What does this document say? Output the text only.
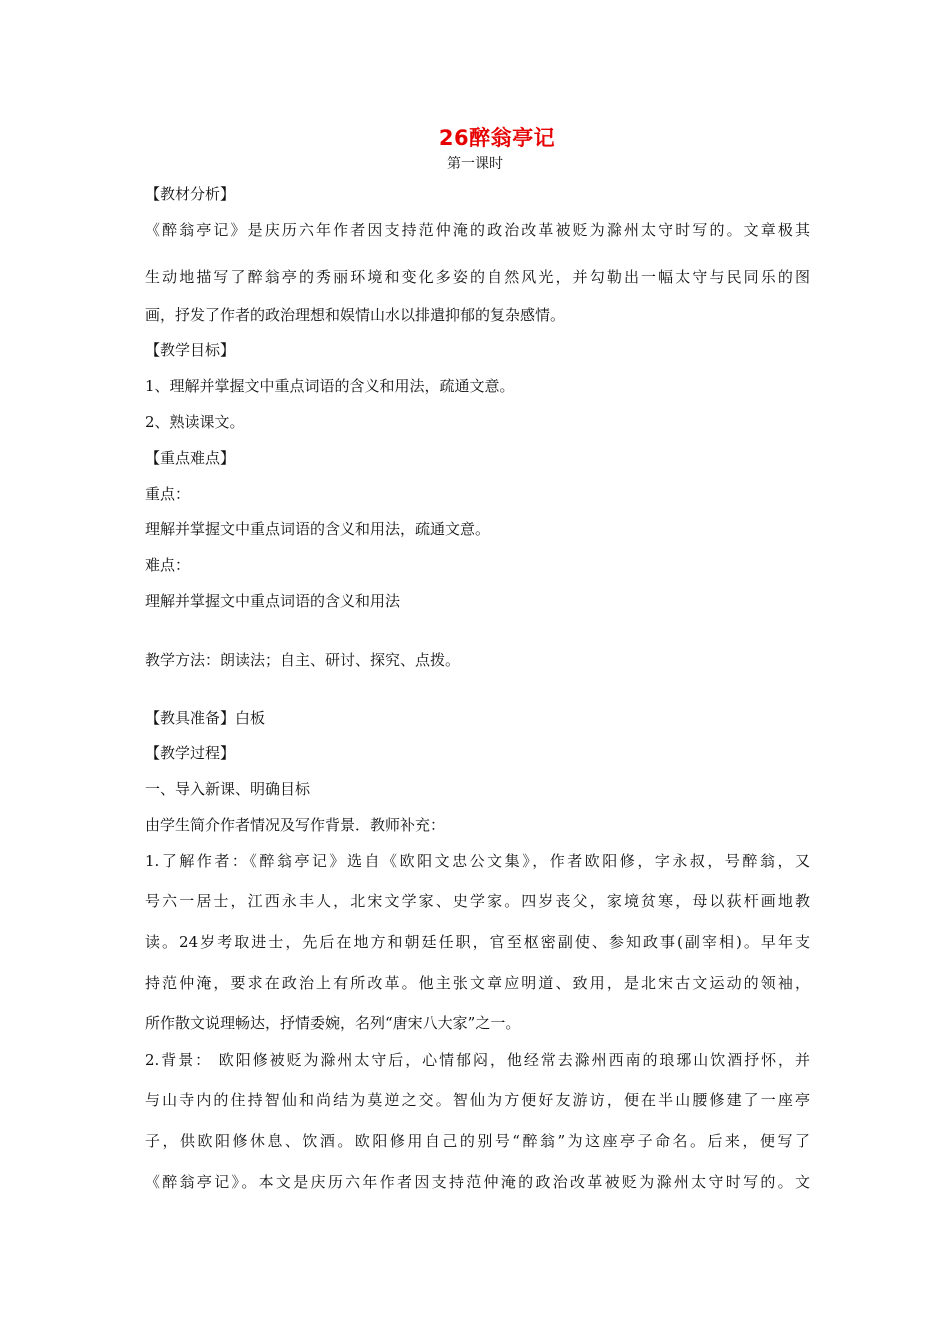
26醉翁亭记
第一课时
【教材分析】
《醉翁亭记》是庆历六年作者因支持范仲淹的政治改革被贬为滁州太守时写的。文章极其
生动地描写了醉翁亭的秀丽环境和变化多姿的自然风光，并勾勒出一幅太守与民同乐的图
画，抒发了作者的政治理想和娱情山水以排遣抑郁的复杂感情。
【教学目标】
1、理解并掌握文中重点词语的含义和用法，疏通文意。
2、熟读课文。
【重点难点】
重点：
理解并掌握文中重点词语的含义和用法，疏通文意。
难点：
理解并掌握文中重点词语的含义和用法
教学方法：朗读法；自主、研讨、探究、点拨。
【教具准备】白板
【教学过程】
一、导入新课、明确目标
由学生简介作者情况及写作背景．教师补充：
1.了解作者：《醉翁亭记》选自《欧阳文忠公文集》，作者欧阳修，字永叔，号醉翁，又
号六一居士，江西永丰人，北宋文学家、史学家。四岁丧父，家境贫寒，母以荻杆画地教
读。24岁考取进士，先后在地方和朝廷任职，官至枢密副使、参知政事(副宰相)。早年支
持范仲淹，要求在政治上有所改革。他主张文章应明道、致用，是北宋古文运动的领袖，
所作散文说理畅达，抒情委婉，名列“唐宋八大家”之一。
2.背景： 欧阳修被贬为滁州太守后，心情郁闷，他经常去滁州西南的琅琊山饮酒抒怀，并
与山寺内的住持智仙和尚结为莫逆之交。智仙为方便好友游访，便在半山腰修建了一座亭
子，供欧阳修休息、饮酒。欧阳修用自己的别号“醉翁”为这座亭子命名。后来，便写了
《醉翁亭记》。本文是庆历六年作者因支持范仲淹的政治改革被贬为滁州太守时写的。文
